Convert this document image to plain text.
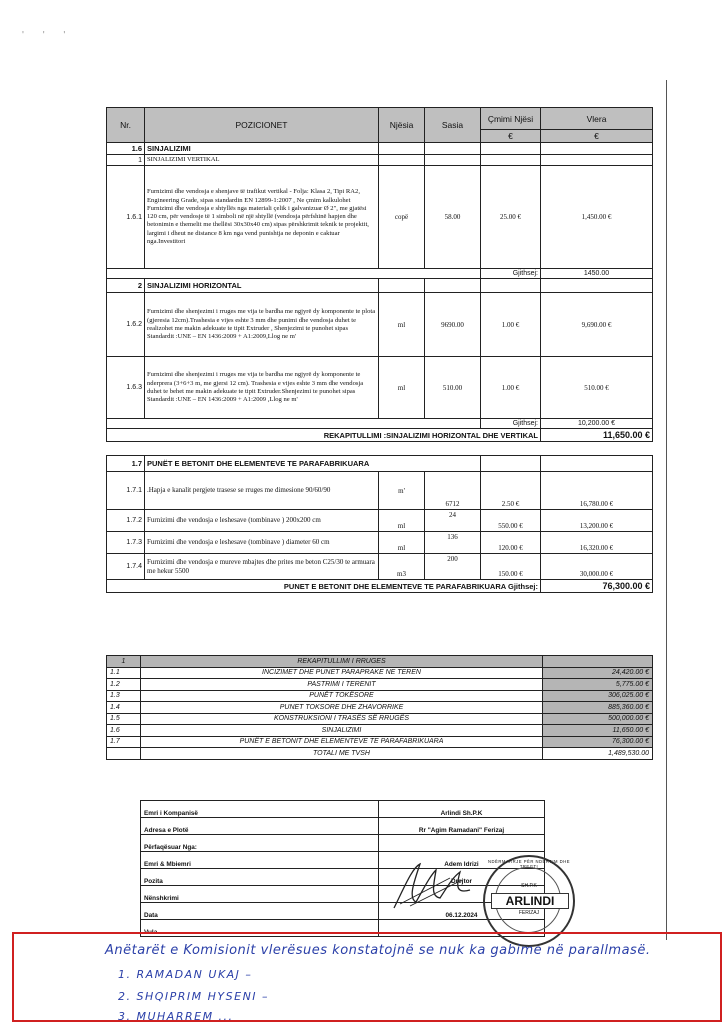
' ' '
Nr.	POZICIONET	Njësia	Sasia	Çmimi Njësi	Vlera
				€	€
1.6	SINJALIZIMI				
1	SINJALIZIMI VERTIKAL				
1.6.1	Furnizimi dhe vendosja e shenjave të trafikut vertikal - Folja: Klasa 2, Tipi RA2, Engineering Grade, sipas standardin EN 12899-1:2007 , Ne çmim kalkulohet Furnizimi dhe vendosja e shtyllës nga materiali çelik i galvanizuar Ø 2", me gjatësi 120 cm, për vendosje të 1 simboli në një shtyllë (vendosja përfshinë hapjen dhe betonimin e themelit me thellësi 30x30x40 cm) sipas përshkrimit teknik te projektit, largimi i dheut ne distance 8 km nga vend punishtja ne deponin e caktuar nga.Investitori	copë	58.00	25.00 €	1,450.00 €
				Gjithsej:	1450.00
2	SINJALIZIMI HORIZONTAL				
1.6.2	Furnizimi dhe shenjezimi i rruges me vija te bardha me ngjyrë dy komponente te plota (gjeresia 12cm).Trashesia e vijes eshte 3 mm dhe punimi dhe vendosja duhet te realizohet me makin adekuate te tipit Extruder , Shenjezimi te punohet sipas Standardit :UNE – EN 1436:2009 + A1:2009,Llog ne m'	ml	9690.00	1.00 €	9,690.00 €
1.6.3	Furnizimi dhe shenjezimi i rruges me vija te bardha me ngjyrë dy komponente te nderprera (3+6+3 m, me gjersi 12 cm). Trashesia e vijes eshte 3 mm dhe vendosja duhet te behet me makin adekuate te tipit Extruder.Shenjezimi te punohet sipas Standardit :UNE – EN 1436:2009 + A1:2009 ,Llog ne m'	ml	510.00	1.00 €	510.00 €
				Gjithsej:	10,200.00 €
REKAPITULLIMI :SINJALIZIMI HORIZONTAL DHE VERTIKAL					11,650.00 €

1.7	PUNËT E BETONIT DHE ELEMENTEVE TE PARAFABRIKUARA				
1.7.1	.Hapja e kanalit pergjete trasese se rruges me dimesione 90/60/90	m'	6712	2.50 €	16,780.00 €
1.7.2	Furnizimi dhe vendosja e leshesave (tombinave ) 200x200 cm	ml	24	550.00 €	13,200.00 €
1.7.3	Furnizimi dhe vendosja e leshesave (tombinave ) diameter 60 cm	ml	136	120.00 €	16,320.00 €
1.7.4	Furnizimi dhe vendosja e mureve mbajtes dhe prites me beton C25/30 te armuara me hekur 5500	m3	200	150.00 €	30,000.00 €
PUNET E BETONIT DHE ELEMENTEVE TE PARAFABRIKUARA Gjithsej:					76,300.00 €
1	REKAPITULLIMI I RRUGES	
1.1	INCIZIMET DHE PUNET PARAPRAKE NE TEREN	24,420.00 €
1.2	PASTRIMI I TERENIT	5,775.00 €
1.3	PUNËT TOKËSORE	306,025.00 €
1.4	PUNET TOKSORE DHE ZHAVORRIKE	885,360.00 €
1.5	KONSTRUKSIONI I TRASËS SË RRUGËS	500,000.00 €
1.6	SINJALIZIMI	11,650.00 €
1.7	PUNËT E BETONIT DHE ELEMENTEVE TE PARAFABRIKUARA	76,300.00 €
	TOTALI ME TVSH	1,489,530.00
Emri i Kompanisë	Arlindi Sh.P.K
Adresa e Plotë	Rr "Agim Ramadani" Ferizaj
Përfaqësuar Nga:	
Emri & Mbiemri	Adem Idrizi
Pozita	Drejtor
Nënshkrimi	
Data	06.12.2024
Vula	
NDËRMARRJE PËR NDËRTIM DHE TREGTI
SH.P.K
ARLINDI
FERIZAJ
Anëtarët e Komisionit vlerësues konstatojnë se nuk ka gabime në parallmasë.
1. RAMADAN UKAJ –
2. SHQIPRIM HYSENI –
3. MUHARREM ...
